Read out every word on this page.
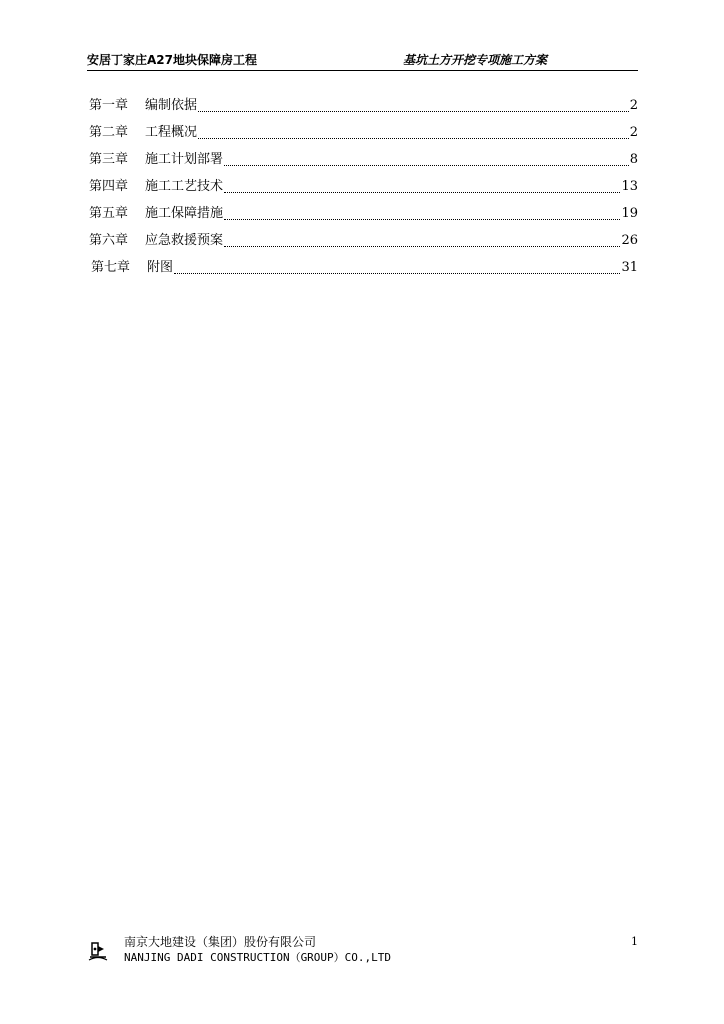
安居丁家庄A27地块保障房工程	基坑土方开挖专项施工方案
第一章	编制依据	2
第二章	工程概况	2
第三章	施工计划部署	8
第四章	施工工艺技术	13
第五章	施工保障措施	19
第六章	应急救援预案	26
第七章	附图	31
南京大地建设（集团）股份有限公司
NANJING DADI CONSTRUCTION（GROUP）CO.,LTD
1
